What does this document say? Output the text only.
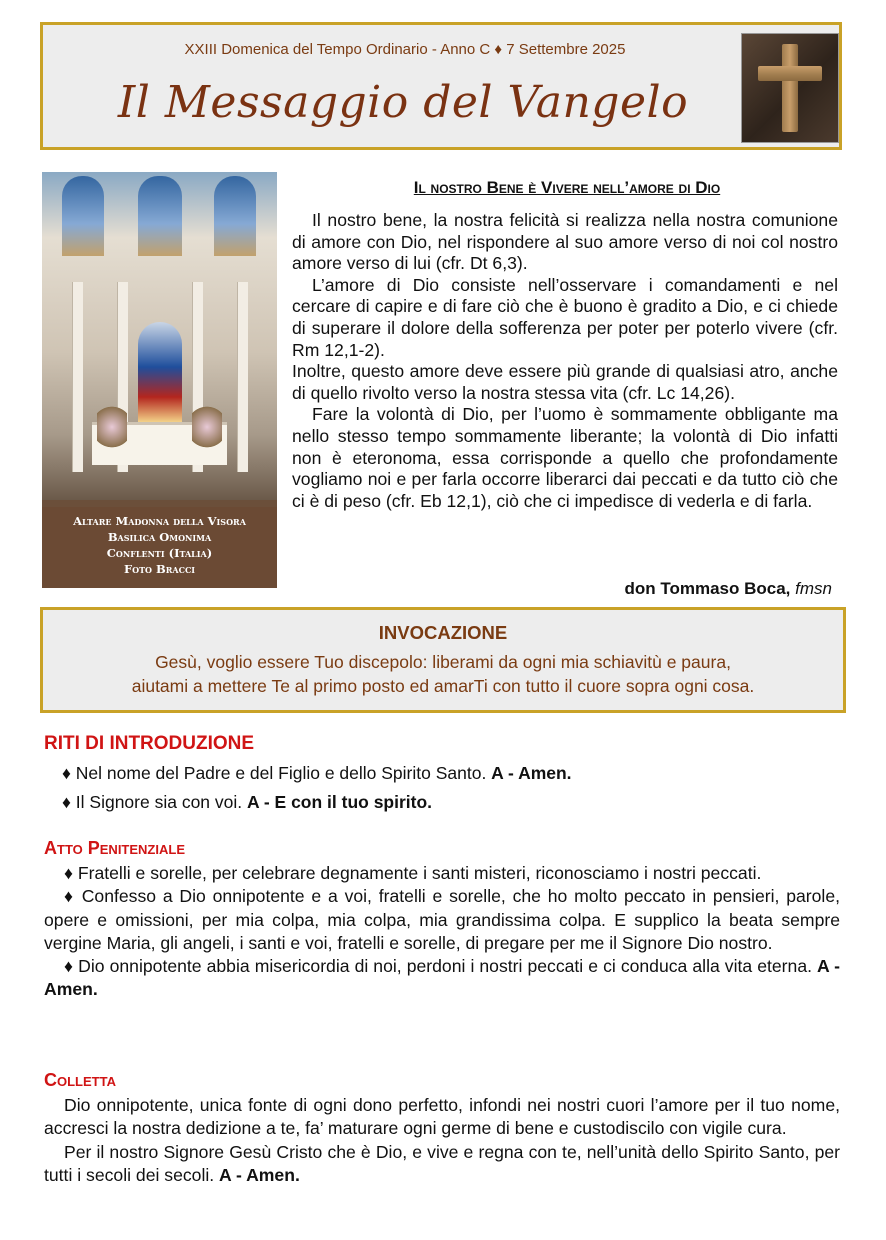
XXIII Domenica del Tempo Ordinario - Anno C ♦ 7 Settembre 2025
Il Messaggio del Vangelo
Altare Madonna della Visora
Basilica Omonima
Conflenti (Italia)
Foto Bracci
Il nostro Bene è Vivere nell’amore di Dio

Il nostro bene, la nostra felicità si realizza nella nostra comunione di amore con Dio, nel rispondere al suo amore verso di noi col nostro amore verso di lui (cfr. Dt 6,3).

L’amore di Dio consiste nell’osservare i comandamenti e nel cercare di capire e di fare ciò che è buono è gradito a Dio, e ci chiede di superare il dolore della sofferenza per poter per poterlo vivere (cfr. Rm 12,1-2).

Inoltre, questo amore deve essere più grande di qualsiasi atro, anche di quello rivolto verso la nostra stessa vita (cfr. Lc 14,26).

Fare la volontà di Dio, per l’uomo è sommamente obbligante ma nello stesso tempo sommamente liberante; la volontà di Dio infatti non è eteronoma, essa corrisponde a quello che profondamente vogliamo noi e per farla occorre liberarci dai peccati e da tutto ciò che ci è di peso (cfr. Eb 12,1), ciò che ci impedisce di vederla e di farla.

don Tommaso Boca, fmsn
INVOCAZIONE
Gesù, voglio essere Tuo discepolo: liberami da ogni mia schiavitù e paura,
aiutami a mettere Te al primo posto ed amarTi con tutto il cuore sopra ogni cosa.
RITI DI INTRODUZIONE
♦ Nel nome del Padre e del Figlio e dello Spirito Santo. A - Amen.
♦ Il Signore sia con voi. A - E con il tuo spirito.
Atto Penitenziale

♦ Fratelli e sorelle, per celebrare degnamente i santi misteri, riconosciamo i nostri peccati.

♦ Confesso a Dio onnipotente e a voi, fratelli e sorelle, che ho molto peccato in pensieri, parole, opere e omissioni, per mia colpa, mia colpa, mia grandissima colpa. E supplico la beata sempre vergine Maria, gli angeli, i santi e voi, fratelli e sorelle, di pregare per me il Signore Dio nostro.

♦ Dio onnipotente abbia misericordia di noi, perdoni i nostri peccati e ci conduca alla vita eterna. A - Amen.

Colletta

Dio onnipotente, unica fonte di ogni dono perfetto, infondi nei nostri cuori l’amore per il tuo nome, accresci la nostra dedizione a te, fa’ maturare ogni germe di bene e custodiscilo con vigile cura.

Per il nostro Signore Gesù Cristo che è Dio, e vive e regna con te, nell’unità dello Spirito Santo, per tutti i secoli dei secoli. A - Amen.
